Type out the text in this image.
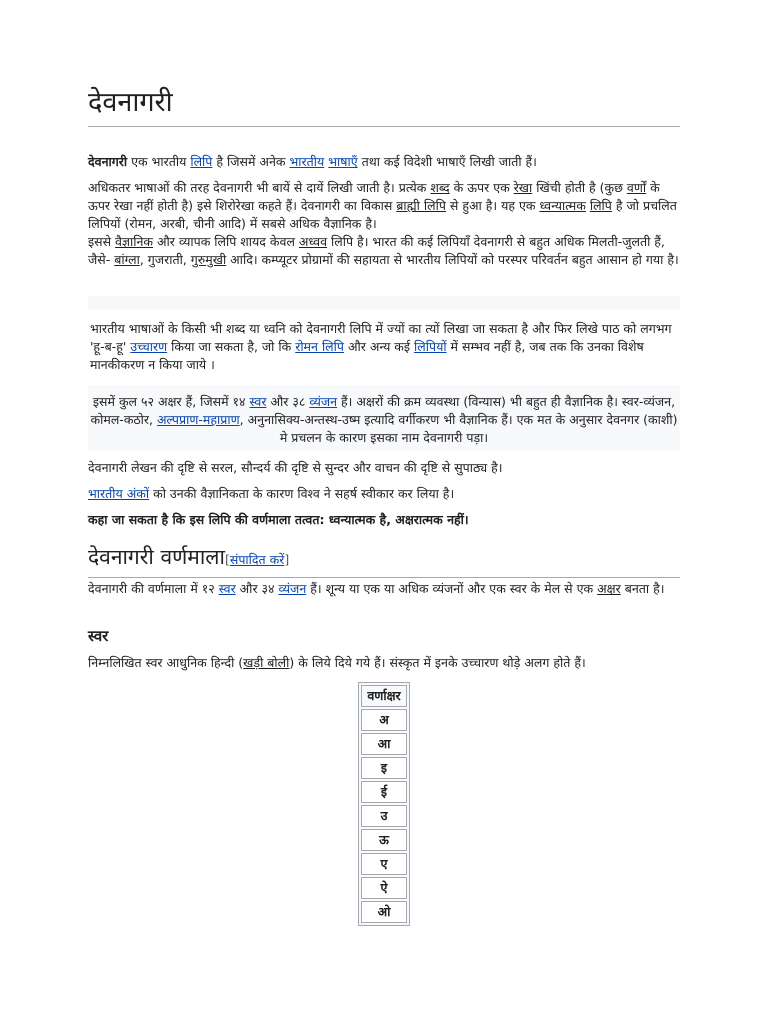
देवनागरी

देवनागरी एक भारतीय लिपि है जिसमें अनेक भारतीय भाषाएँ तथा कई विदेशी भाषाएँ लिखी जाती हैं।

अधिकतर भाषाओं की तरह देवनागरी भी बायें से दायें लिखी जाती है। प्रत्येक शब्द के ऊपर एक रेखा खिंची होती है (कुछ वर्णों के ऊपर रेखा नहीं होती है) इसे शिरोरेखा कहते हैं। देवनागरी का विकास ब्राह्मी लिपि से हुआ है। यह एक ध्वन्यात्मक लिपि है जो प्रचलित लिपियों (रोमन, अरबी, चीनी आदि) में सबसे अधिक वैज्ञानिक है।
इससे वैज्ञानिक और व्यापक लिपि शायद केवल अध्वव लिपि है। भारत की कई लिपियाँ देवनागरी से बहुत अधिक मिलती-जुलती हैं, जैसे- बांग्ला, गुजराती, गुरुमुखी आदि। कम्प्यूटर प्रोग्रामों की सहायता से भारतीय लिपियों को परस्पर परिवर्तन बहुत आसान हो गया है।

भारतीय भाषाओं के किसी भी शब्द या ध्वनि को देवनागरी लिपि में ज्यों का त्यों लिखा जा सकता है और फिर लिखे पाठ को लगभग 'हू-ब-हू' उच्चारण किया जा सकता है, जो कि रोमन लिपि और अन्य कई लिपियों में सम्भव नहीं है, जब तक कि उनका विशेष मानकीकरण न किया जाये ।

इसमें कुल ५२ अक्षर हैं, जिसमें १४ स्वर और ३८ व्यंजन हैं। अक्षरों की क्रम व्यवस्था (विन्यास) भी बहुत ही वैज्ञानिक है। स्वर-व्यंजन, कोमल-कठोर, अल्पप्राण-महाप्राण, अनुनासिक्य-अन्तस्थ-उष्म इत्यादि वर्गीकरण भी वैज्ञानिक हैं। एक मत के अनुसार देवनगर (काशी) मे प्रचलन के कारण इसका नाम देवनागरी पड़ा।

देवनागरी लेखन की दृष्टि से सरल, सौन्दर्य की दृष्टि से सुन्दर और वाचन की दृष्टि से सुपाठ्य है।

भारतीय अंकों को उनकी वैज्ञानिकता के कारण विश्व ने सहर्ष स्वीकार कर लिया है।

कहा जा सकता है कि इस लिपि की वर्णमाला तत्वत: ध्वन्यात्मक है, अक्षरात्मक नहीं।

देवनागरी वर्णमाला[संपादित करें]

देवनागरी की वर्णमाला में १२ स्वर और ३४ व्यंजन हैं। शून्य या एक या अधिक व्यंजनों और एक स्वर के मेल से एक अक्षर बनता है।

स्वर

निम्नलिखित स्वर आधुनिक हिन्दी (खड़ी बोली) के लिये दिये गये हैं। संस्कृत में इनके उच्चारण थोड़े अलग होते हैं।

वर्णाक्षर
अ
आ
इ
ई
उ
ऊ
ए
ऐ
ओ
